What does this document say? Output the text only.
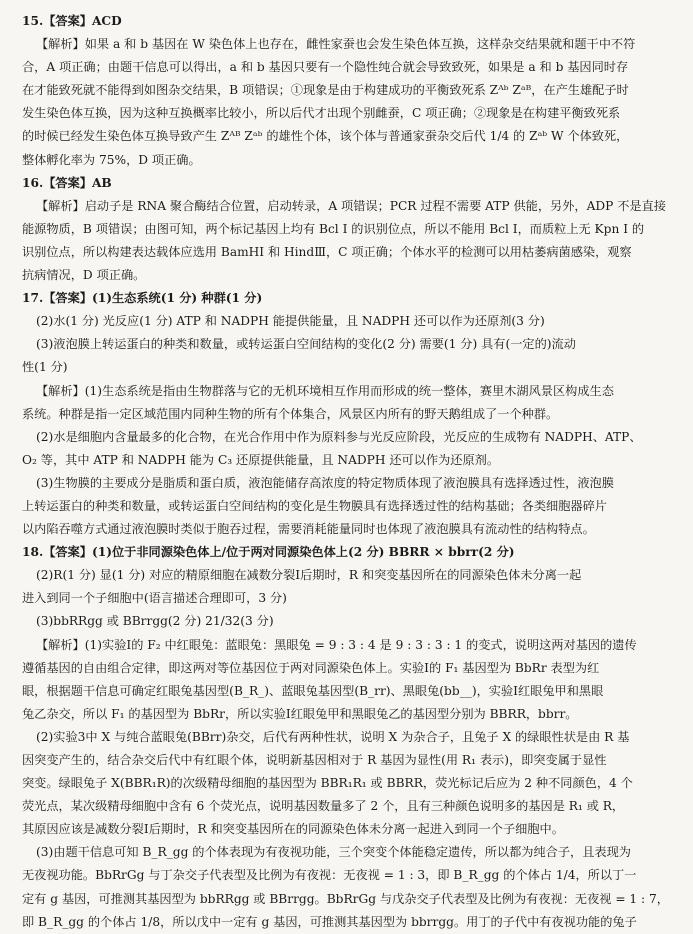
15.【答案】ACD
【解析】如果 a 和 b 基因在 W 染色体上也存在，雌性家蚕也会发生染色体互换，这样杂交结果就和题干中不符
合，A 项正确；由题干信息可以得出，a 和 b 基因只要有一个隐性纯合就会导致致死，如果是 a 和 b 基因同时存
在才能致死就不能得到如图杂交结果，B 项错误；①现象是由于构建成功的平衡致死系 Zᴬᵇ Zᵃᴮ，在产生雄配子时
发生染色体互换，因为这种互换概率比较小，所以后代才出现个别雌蚕，C 项正确；②现象是在构建平衡致死系
的时候已经发生染色体互换导致产生 Zᴬᴮ Zᵃᵇ 的雄性个体，该个体与普通家蚕杂交后代 1/4 的 Zᵃᵇ W 个体致死，
整体孵化率为 75%，D 项正确。
16.【答案】AB
【解析】启动子是 RNA 聚合酶结合位置，启动转录，A 项错误；PCR 过程不需要 ATP 供能，另外，ADP 不是直接
能源物质，B 项错误；由图可知，两个标记基因上均有 Bcl Ⅰ 的识别位点，所以不能用 Bcl Ⅰ，而质粒上无 Kpn Ⅰ 的
识别位点，所以构建表达载体应选用 BamHⅠ 和 HindⅢ，C 项正确；个体水平的检测可以用枯萎病菌感染，观察
抗病情况，D 项正确。
17.【答案】(1)生态系统(1 分) 种群(1 分)
(2)水(1 分) 光反应(1 分) ATP 和 NADPH 能提供能量，且 NADPH 还可以作为还原剂(3 分)
(3)液泡膜上转运蛋白的种类和数量，或转运蛋白空间结构的变化(2 分) 需要(1 分) 具有(一定的)流动
性(1 分)
【解析】(1)生态系统是指由生物群落与它的无机环境相互作用而形成的统一整体，赛里木湖风景区构成生态
系统。种群是指一定区域范围内同种生物的所有个体集合，风景区内所有的野天鹅组成了一个种群。
(2)水是细胞内含量最多的化合物，在光合作用中作为原料参与光反应阶段，光反应的生成物有 NADPH、ATP、
O₂ 等，其中 ATP 和 NADPH 能为 C₃ 还原提供能量，且 NADPH 还可以作为还原剂。
(3)生物膜的主要成分是脂质和蛋白质，液泡能储存高浓度的特定物质体现了液泡膜具有选择透过性，液泡膜
上转运蛋白的种类和数量，或转运蛋白空间结构的变化是生物膜具有选择透过性的结构基础；各类细胞器碎片
以内陷吞噬方式通过液泡膜时类似于胞吞过程，需要消耗能量同时也体现了液泡膜具有流动性的结构特点。
18.【答案】(1)位于非同源染色体上/位于两对同源染色体上(2 分) BBRR × bbrr(2 分)
(2)R(1 分) 显(1 分) 对应的精原细胞在减数分裂Ⅰ后期时，R 和突变基因所在的同源染色体未分离一起
进入到同一个子细胞中(语言描述合理即可，3 分)
(3)bbRRgg 或 BBrrgg(2 分) 21/32(3 分)
【解析】(1)实验Ⅰ的 F₂ 中红眼兔：蓝眼兔：黑眼兔 = 9 : 3 : 4 是 9 : 3 : 3 : 1 的变式，说明这两对基因的遗传
遵循基因的自由组合定律，即这两对等位基因位于两对同源染色体上。实验Ⅰ的 F₁ 基因型为 BbRr 表型为红
眼，根据题干信息可确定红眼兔基因型(B_R_)、蓝眼兔基因型(B_rr)、黑眼兔(bb__)，实验Ⅰ红眼兔甲和黑眼
兔乙杂交，所以 F₁ 的基因型为 BbRr，所以实验Ⅰ红眼兔甲和黑眼兔乙的基因型分别为 BBRR，bbrr。
(2)实验3中 X 与纯合蓝眼兔(BBrr)杂交，后代有两种性状，说明 X 为杂合子，且兔子 X 的绿眼性状是由 R 基
因突变产生的，结合杂交后代中有红眼个体，说明新基因相对于 R 基因为显性(用 R₁ 表示)，即突变属于显性
突变。绿眼兔子 X(BBR₁R)的次级精母细胞的基因型为 BBR₁R₁ 或 BBRR，荧光标记后应为 2 种不同颜色，4 个
荧光点，某次级精母细胞中含有 6 个荧光点，说明基因数量多了 2 个，且有三种颜色说明多的基因是 R₁ 或 R，
其原因应该是减数分裂Ⅰ后期时，R 和突变基因所在的同源染色体未分离一起进入到同一个子细胞中。
(3)由题干信息可知 B_R_gg 的个体表现为有夜视功能，三个突变个体能稳定遗传，所以都为纯合子，且表现为
无夜视功能。BbRrGg 与丁杂交子代表型及比例为有夜视：无夜视 = 1 : 3，即 B_R_gg 的个体占 1/4，所以丁一
定有 g 基因，可推测其基因型为 bbRRgg 或 BBrrgg。BbRrGg 与戊杂交子代表型及比例为有夜视：无夜视 = 1 : 7，
即 B_R_gg 的个体占 1/8，所以戊中一定有 g 基因，可推测其基因型为 bbrrgg。用丁的子代中有夜视功能的兔子
